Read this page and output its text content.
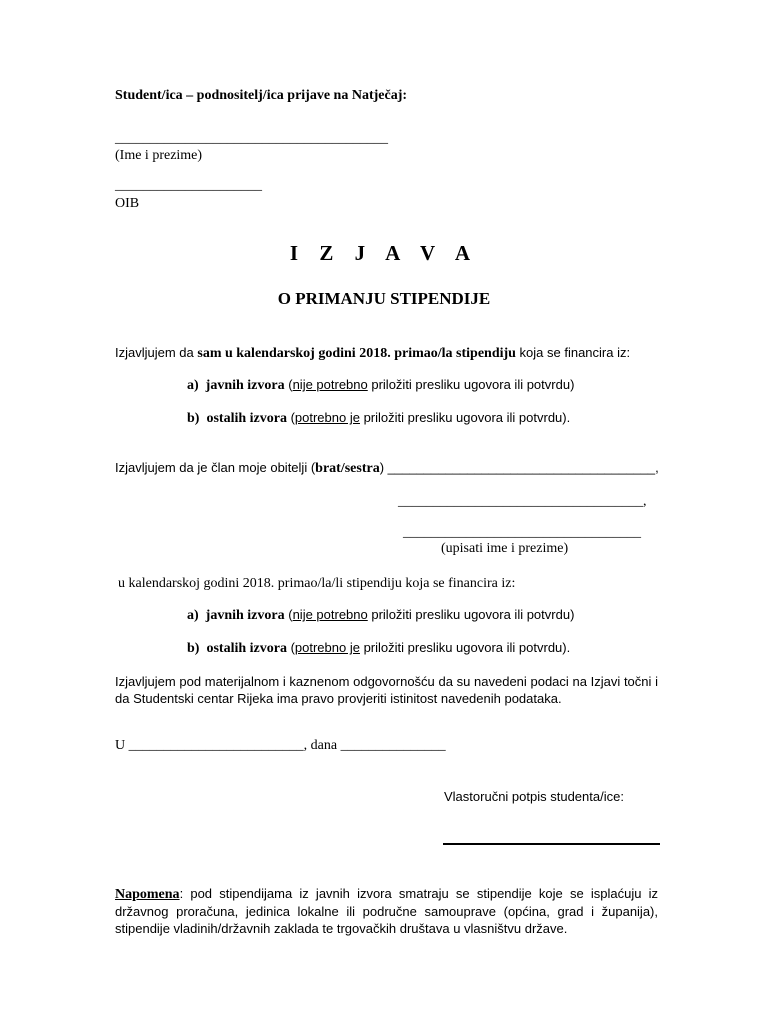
Student/ica – podnositelj/ica prijave na Natječaj:
_______________________________________
(Ime i prezime)
_____________________
OIB
I Z J A V A
O PRIMANJU STIPENDIJE
Izjavljujem da sam u kalendarskoj godini 2018. primao/la stipendiju koja se financira iz:
a) javnih izvora (nije potrebno priložiti presliku ugovora ili potvrdu)
b) ostalih izvora (potrebno je priložiti presliku ugovora ili potvrdu).
Izjavljujem da je član moje obitelji (brat/sestra) _____________________________________,
___________________________________,
__________________________________
(upisati ime i prezime)
u kalendarskoj godini 2018. primao/la/li stipendiju koja se financira iz:
a) javnih izvora (nije potrebno priložiti presliku ugovora ili potvrdu)
b) ostalih izvora (potrebno je priložiti presliku ugovora ili potvrdu).
Izjavljujem pod materijalnom i kaznenom odgovornošću da su navedeni podaci na Izjavi točni i da Studentski centar Rijeka ima pravo provjeriti istinitost navedenih podataka.
U _________________________, dana _______________
Vlastoručni potpis studenta/ice:
Napomena: pod stipendijama iz javnih izvora smatraju se stipendije koje se isplaćuju iz državnog proračuna, jedinica lokalne ili područne samouprave (općina, grad i županija), stipendije vladinih/državnih zaklada te trgovačkih društava u vlasništvu države.
